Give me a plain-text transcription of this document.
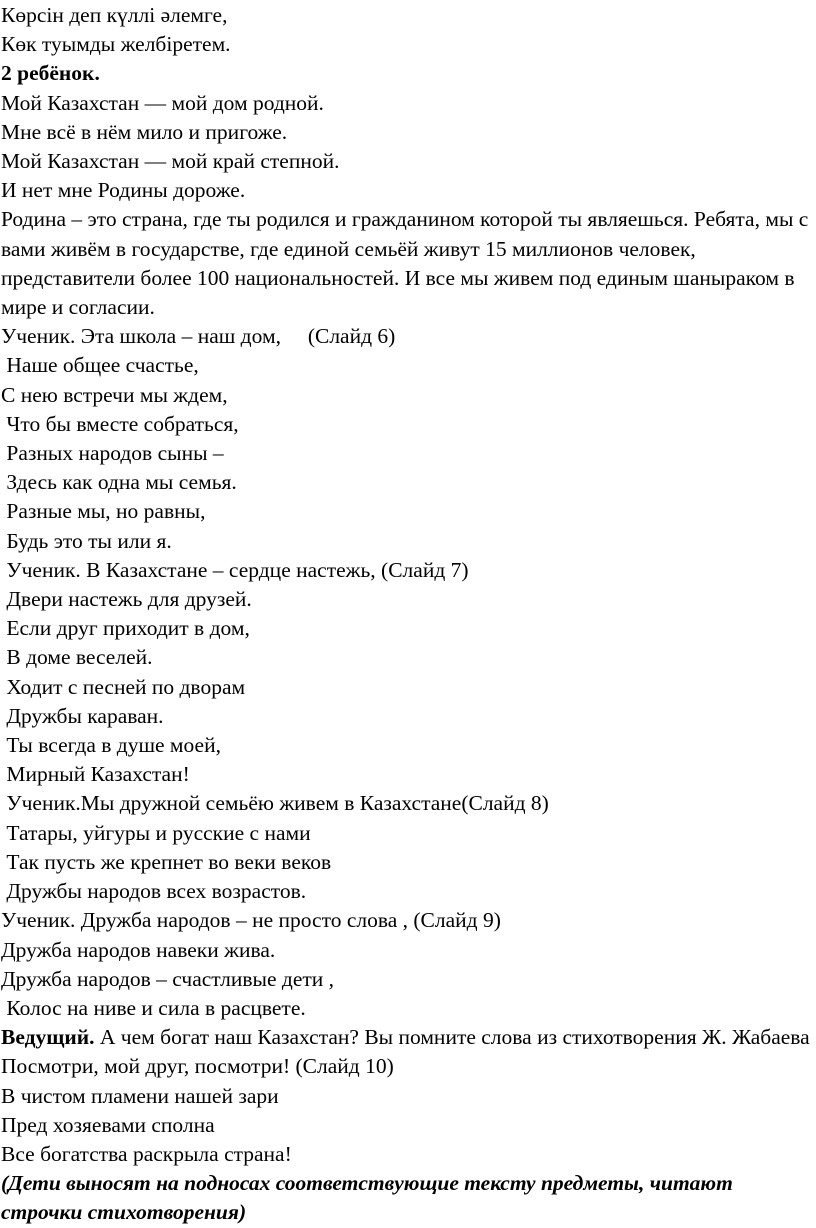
Көрсін деп күллі әлемге,

Көк туымды желбіретем.

2 ребёнок.

Мой Казахстан — мой дом родной.

Мне всё в нём мило и пригоже.

Мой Казахстан — мой край степной.

И нет мне Родины дороже.

Родина – это страна, где ты родился и гражданином которой ты являешься. Ребята, мы с вами живём в государстве, где единой семьёй живут 15 миллионов человек, представители более 100 национальностей. И все мы живем под единым шаныраком в мире и согласии.

Ученик. Эта школа – наш дом,     (Слайд 6)

Наше общее счастье,

С нею встречи мы ждем,

Что бы вместе собраться,

Разных народов сыны –

Здесь как одна мы семья.

Разные мы, но равны,

Будь это ты или я.

Ученик. В Казахстане – сердце настежь, (Слайд 7)

Двери настежь для друзей.

Если друг приходит в дом,

В доме веселей.

Ходит с песней по дворам

Дружбы караван.

Ты всегда в душе моей,

Мирный Казахстан!

Ученик.Мы дружной семьёю живем в Казахстане(Слайд 8)

Татары, уйгуры и русские с нами

Так пусть же крепнет во веки веков

Дружбы народов всех возрастов.

Ученик. Дружба народов – не просто слова , (Слайд 9)

Дружба народов навеки жива.

Дружба народов – счастливые дети ,

Колос на ниве и сила в расцвете.

Ведущий. А чем богат наш Казахстан? Вы помните слова из стихотворения Ж. Жабаева

Посмотри, мой друг, посмотри! (Слайд 10)

В чистом пламени нашей зари

Пред хозяевами сполна

Все богатства раскрыла страна!

(Дети выносят на подносах соответствующие тексту предметы, читают строчки стихотворения)
